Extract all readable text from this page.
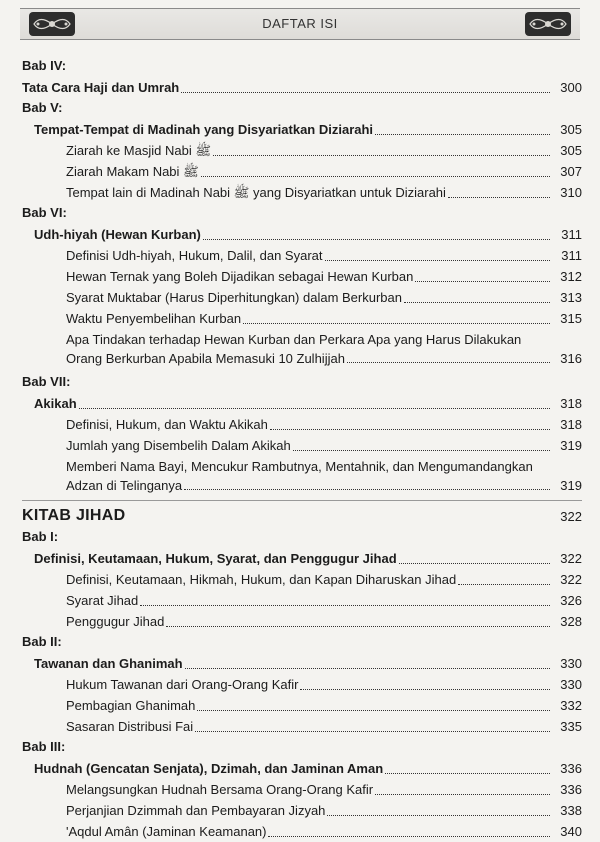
DAFTAR ISI
Bab IV:
Tata Cara Haji dan Umrah	300
Bab V:
Tempat-Tempat di Madinah yang Disyariatkan Diziarahi	305
Ziarah ke Masjid Nabi ﷺ	305
Ziarah Makam Nabi ﷺ	307
Tempat lain di Madinah Nabi ﷺ yang Disyariatkan untuk Diziarahi	310
Bab VI:
Udh-hiyah (Hewan Kurban)	311
Definisi Udh-hiyah, Hukum, Dalil, dan Syarat	311
Hewan Ternak yang Boleh Dijadikan sebagai Hewan Kurban	312
Syarat Muktabar (Harus Diperhitungkan) dalam Berkurban	313
Waktu Penyembelihan Kurban	315
Apa Tindakan terhadap Hewan Kurban dan Perkara Apa yang Harus Dilakukan
Orang Berkurban Apabila Memasuki 10 Zulhijjah	316
Bab VII:
Akikah	318
Definisi, Hukum, dan Waktu Akikah	318
Jumlah yang Disembelih Dalam Akikah	319
Memberi Nama Bayi, Mencukur Rambutnya, Mentahnik, dan Mengumandangkan
Adzan di Telinganya	319
KITAB JIHAD	322
Bab I:
Definisi, Keutamaan, Hukum, Syarat, dan Penggugur Jihad	322
Definisi, Keutamaan, Hikmah, Hukum, dan Kapan Diharuskan Jihad	322
Syarat Jihad	326
Penggugur Jihad	328
Bab II:
Tawanan dan Ghanimah	330
Hukum Tawanan dari Orang-Orang Kafir	330
Pembagian Ghanimah	332
Sasaran Distribusi Fai	335
Bab III:
Hudnah (Gencatan Senjata), Dzimah, dan Jaminan Aman	336
Melangsungkan Hudnah Bersama Orang-Orang Kafir	336
Perjanjian Dzimmah dan Pembayaran Jizyah	338
'Aqdul Amân (Jaminan Keamanan)	340
